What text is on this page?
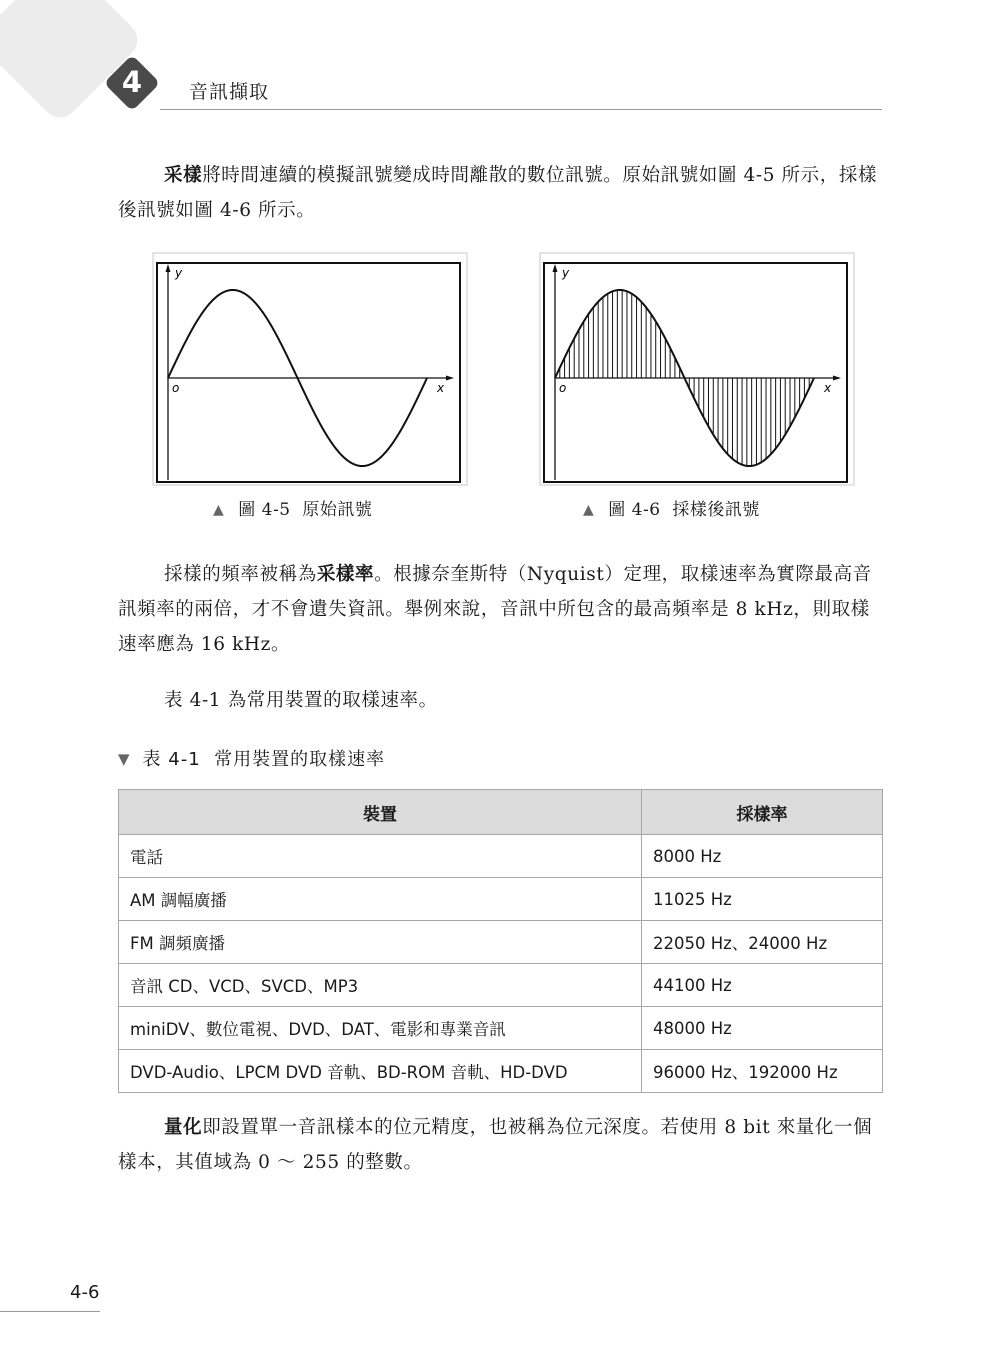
4	音訊擷取

采樣將時間連續的模擬訊號變成時間離散的數位訊號。原始訊號如圖 4-5 所示，採樣後訊號如圖 4-6 所示。

y
x
o
▲ 圖 4-5 原始訊號
y
x
o
▲ 圖 4-6 採樣後訊號

採樣的頻率被稱為采樣率。根據奈奎斯特（Nyquist）定理，取樣速率為實際最高音訊頻率的兩倍，才不會遺失資訊。舉例來說，音訊中所包含的最高頻率是 8 kHz，則取樣速率應為 16 kHz。

表 4-1 為常用裝置的取樣速率。

▼ 表 4-1 常用裝置的取樣速率
裝置	採樣率
電話	8000 Hz
AM 調幅廣播	11025 Hz
FM 調頻廣播	22050 Hz、24000 Hz
音訊 CD、VCD、SVCD、MP3	44100 Hz
miniDV、數位電視、DVD、DAT、電影和專業音訊	48000 Hz
DVD-Audio、LPCM DVD 音軌、BD-ROM 音軌、HD-DVD	96000 Hz、192000 Hz

量化即設置單一音訊樣本的位元精度，也被稱為位元深度。若使用 8 bit 來量化一個樣本，其值域為 0 ～ 255 的整數。

4-6
